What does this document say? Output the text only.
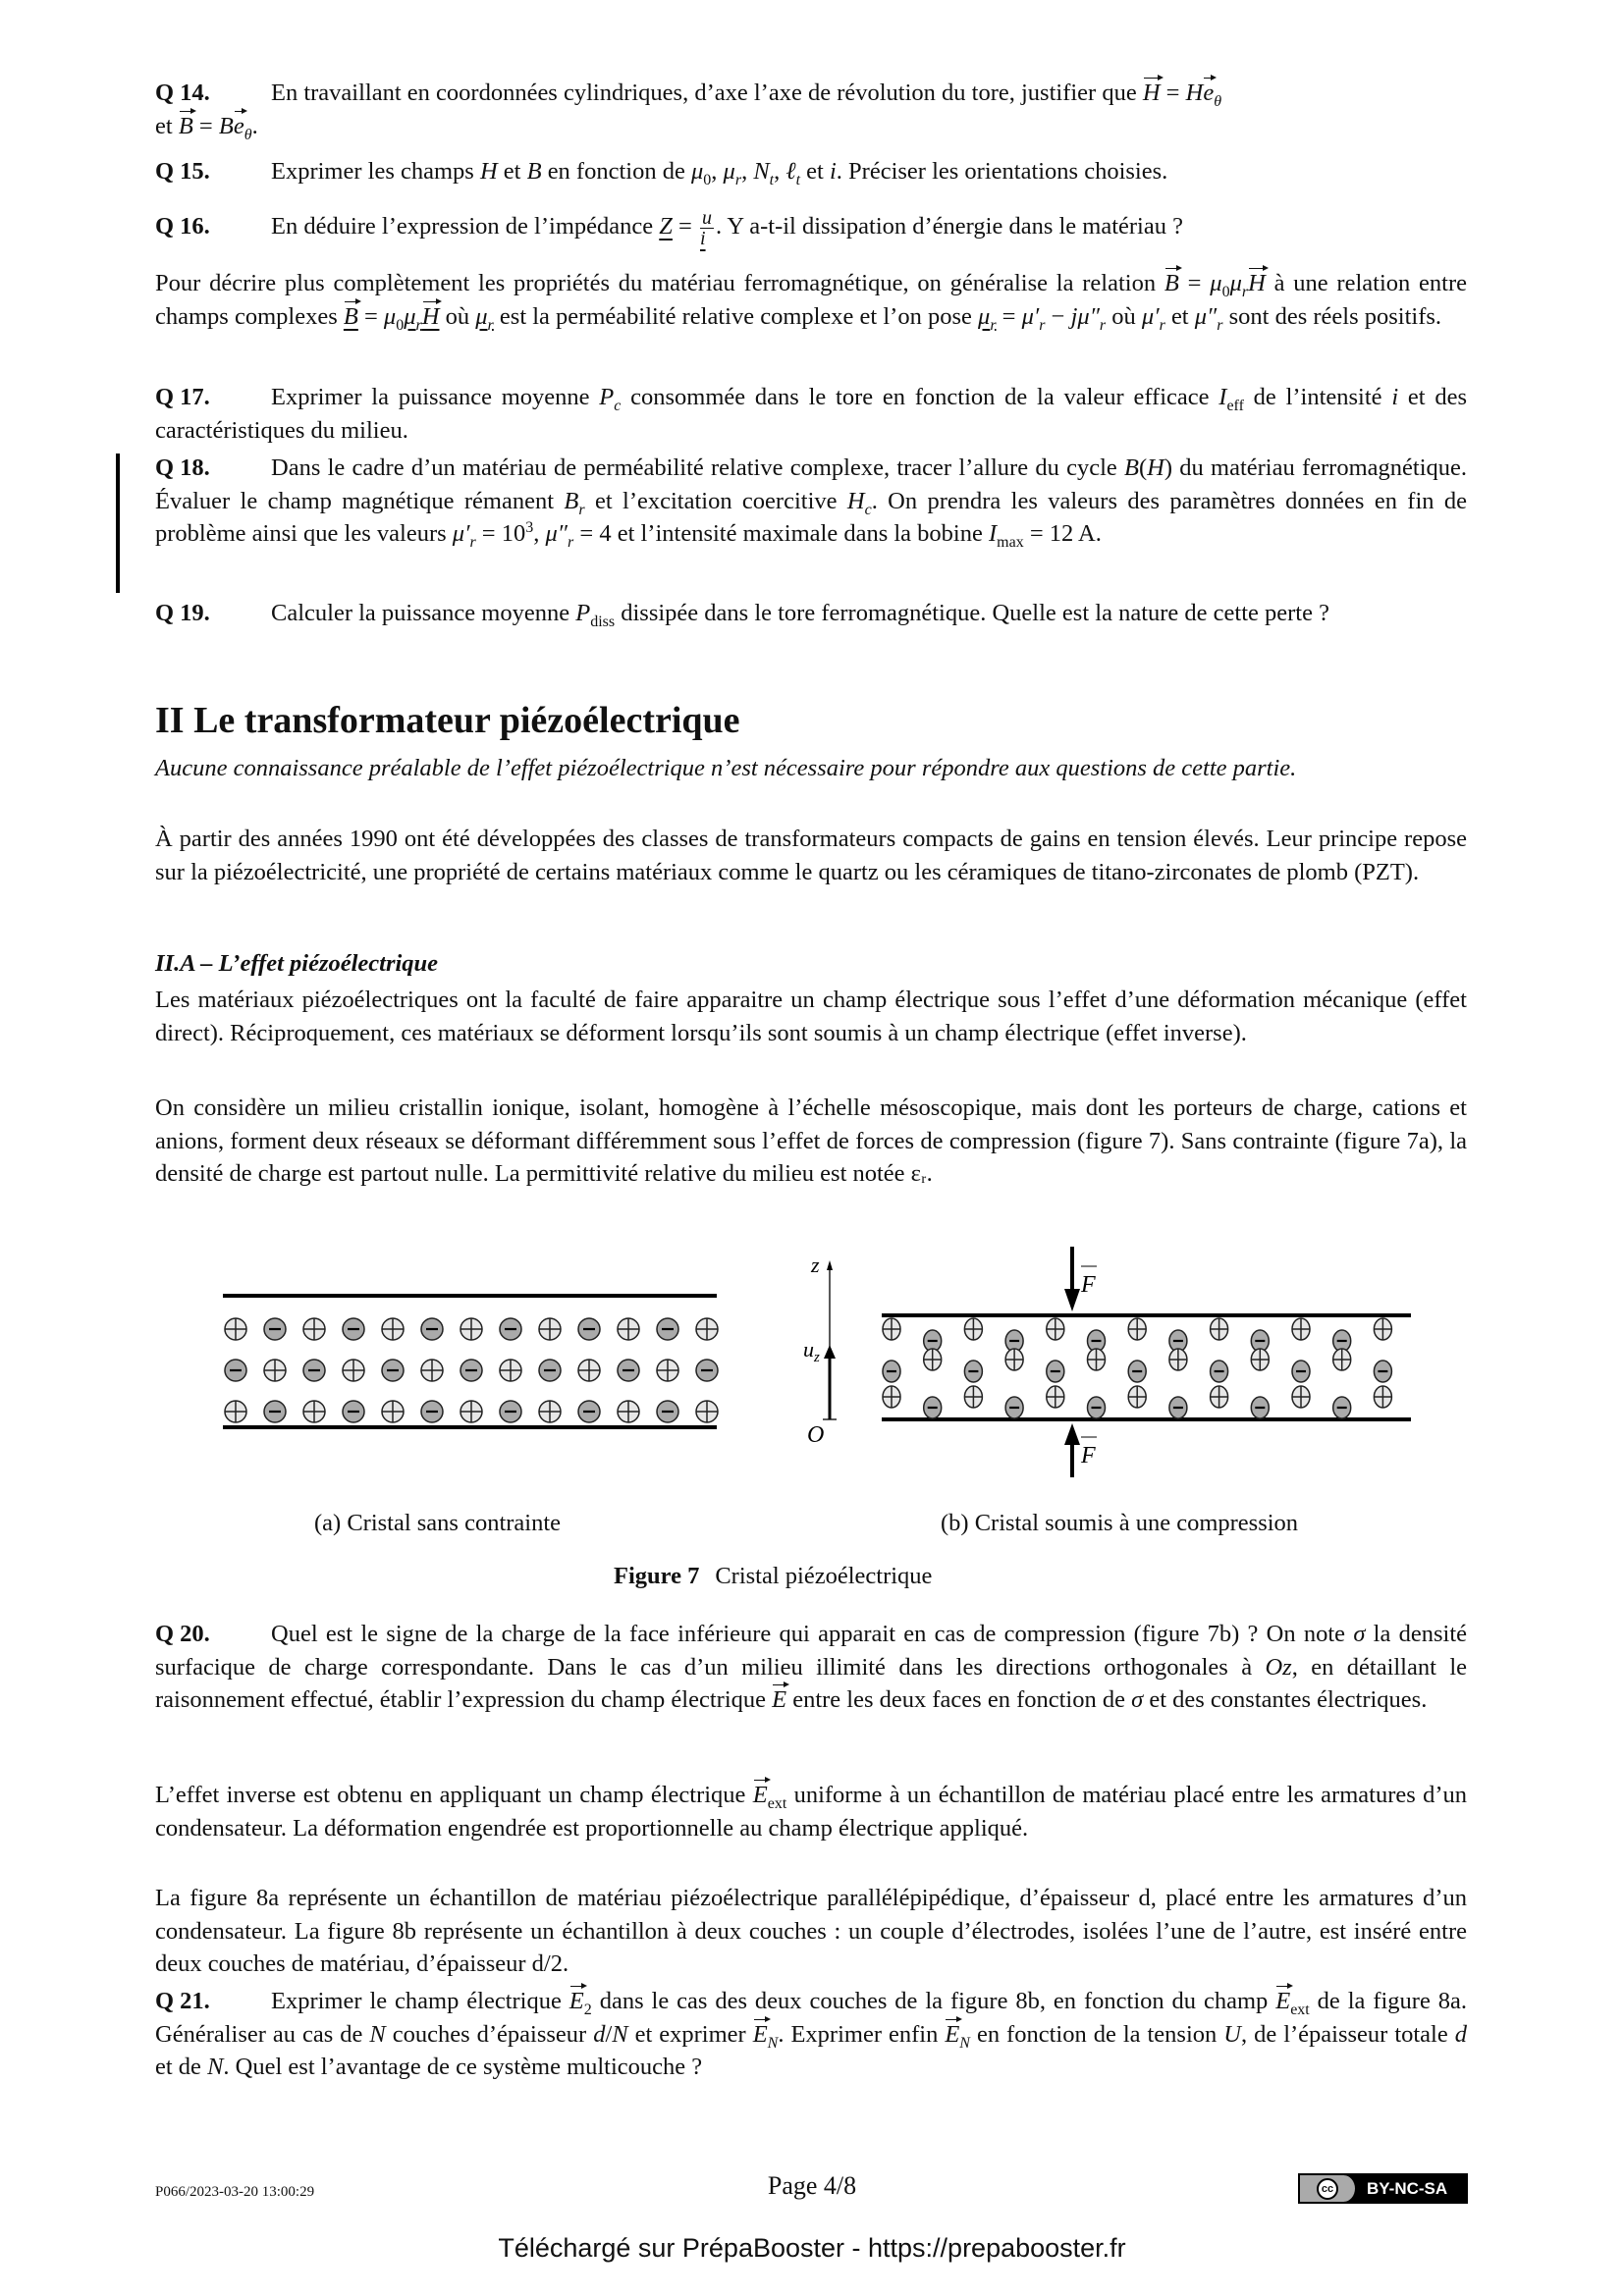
Q 14.	En travaillant en coordonnées cylindriques, d’axe l’axe de révolution du tore, justifier que $H = He_\theta$
et $B = Be_\theta$.
Q 15.	Exprimer les champs H et B en fonction de $\mu_0$, $\mu_r$, $N_t$, ℓ$_t$ et i. Préciser les orientations choisies.
Q 16.	En déduire l’expression de l’impédance $Z = \frac{u}{i}$ . Y a-t-il dissipation d’énergie dans le matériau ?
Pour décrire plus complètement les propriétés du matériau ferromagnétique, on généralise la relation $B = \mu_0\mu_rH$ à une relation entre champs complexes $B = \mu_0\mu_rH$ où $\mu_r$ est la perméabilité relative complexe et l’on pose $\mu_r = \mu'_r - j\mu''_r$ où $\mu'_r$ et $\mu''_r$ sont des réels positifs.
Q 17.	Exprimer la puissance moyenne $P_c$ consommée dans le tore en fonction de la valeur efficace $I_{eff}$ de l’intensité i et des caractéristiques du milieu.
Q 18.	Dans le cadre d’un matériau de perméabilité relative complexe, tracer l’allure du cycle B(H) du matériau ferromagnétique. Évaluer le champ magnétique rémanent $B_r$ et l’excitation coercitive $H_c$. On prendra les valeurs des paramètres données en fin de problème ainsi que les valeurs $\mu'_r = 10^3$, $\mu''_r = 4$ et l’intensité maximale dans la bobine $I_{max} = 12$ A.
Q 19.	Calculer la puissance moyenne $P_{diss}$ dissipée dans le tore ferromagnétique. Quelle est la nature de cette perte ?
II Le transformateur piézoélectrique
Aucune connaissance préalable de l’effet piézoélectrique n’est nécessaire pour répondre aux questions de cette partie.
À partir des années 1990 ont été développées des classes de transformateurs compacts de gains en tension élevés. Leur principe repose sur la piézoélectricité, une propriété de certains matériaux comme le quartz ou les céramiques de titano-zirconates de plomb (PZT).
II.A – L’effet piézoélectrique
Les matériaux piézoélectriques ont la faculté de faire apparaitre un champ électrique sous l’effet d’une déformation mécanique (effet direct). Réciproquement, ces matériaux se déforment lorsqu’ils sont soumis à un champ électrique (effet inverse).
On considère un milieu cristallin ionique, isolant, homogène à l’échelle mésoscopique, mais dont les porteurs de charge, cations et anions, forment deux réseaux se déformant différemment sous l’effet de forces de compression (figure 7). Sans contrainte (figure 7a), la densité de charge est partout nulle. La permittivité relative du milieu est notée εᵣ.
z
$u_z$
O
F
F
(a) Cristal sans contrainte	(b) Cristal soumis à une compression
Figure 7 Cristal piézoélectrique
Q 20.	Quel est le signe de la charge de la face inférieure qui apparait en cas de compression (figure 7b) ? On note σ la densité surfacique de charge correspondante. Dans le cas d’un milieu illimité dans les directions orthogonales à Oz, en détaillant le raisonnement effectué, établir l’expression du champ électrique E entre les deux faces en fonction de σ et des constantes électriques.
L’effet inverse est obtenu en appliquant un champ électrique $E_{ext}$ uniforme à un échantillon de matériau placé entre les armatures d’un condensateur. La déformation engendrée est proportionnelle au champ électrique appliqué.
La figure 8a représente un échantillon de matériau piézoélectrique parallélépipédique, d’épaisseur d, placé entre les armatures d’un condensateur. La figure 8b représente un échantillon à deux couches : un couple d’électrodes, isolées l’une de l’autre, est inséré entre deux couches de matériau, d’épaisseur d/2.
Q 21.	Exprimer le champ électrique $E_2$ dans le cas des deux couches de la figure 8b, en fonction du champ $E_{ext}$ de la figure 8a. Généraliser au cas de N couches d’épaisseur d/N et exprimer $E_N$. Exprimer enfin $E_N$ en fonction de la tension U, de l’épaisseur totale d et de N. Quel est l’avantage de ce système multicouche ?
P066/2023-03-20 13:00:29	Page 4/8	cc BY-NC-SA
Téléchargé sur PrépaBooster - https://prepabooster.fr
